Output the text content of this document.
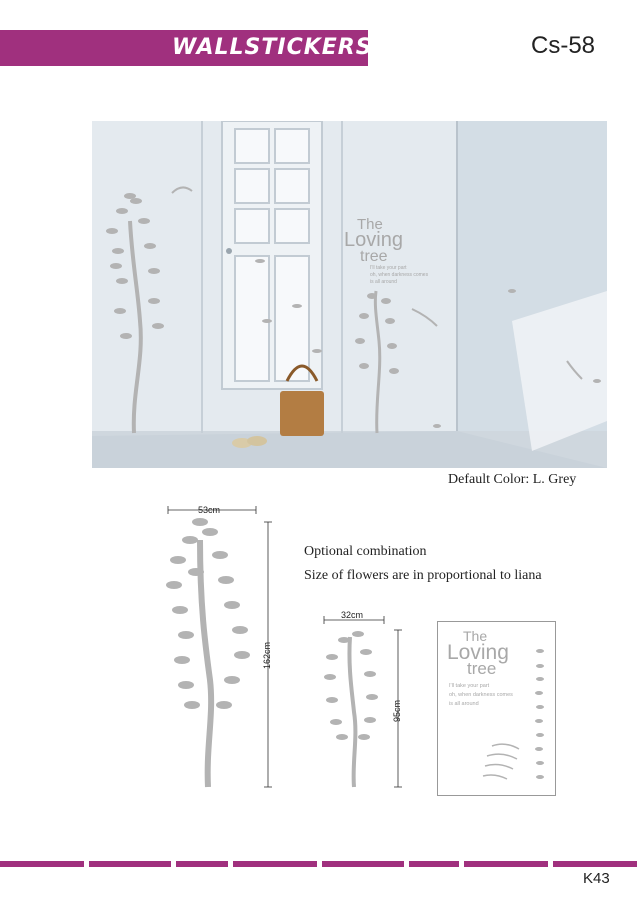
WALLSTICKERS	Cs-58
The
Loving
tree
I'll take your part
oh, when darkness comes
is all around
Default Color: L. Grey
53cm
162cm
Optional combination
Size of flowers are in proportional to liana
32cm
95cm
The
Loving
tree
I'll take your part
oh, when darkness comes
is all around
K43
